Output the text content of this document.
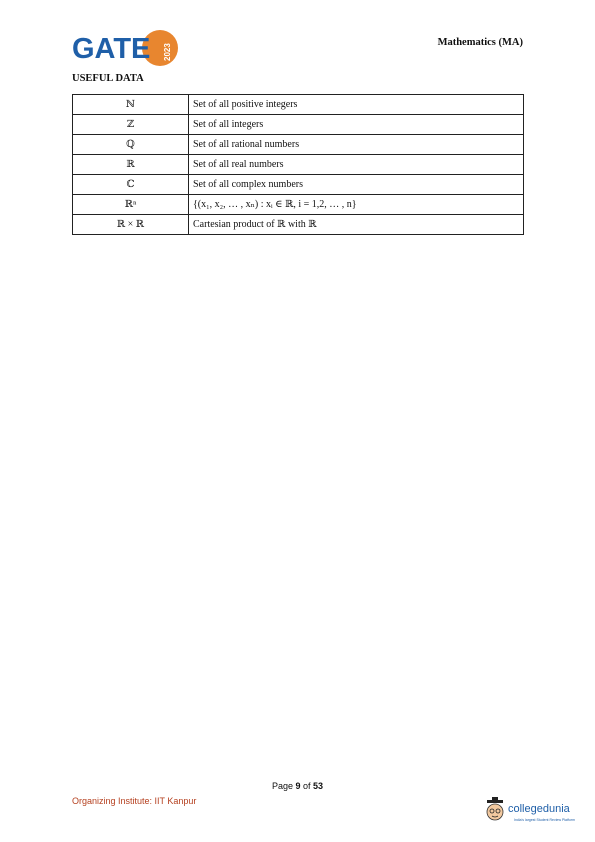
GATE 2023
Mathematics (MA)
USEFUL DATA
ℕ	Set of all positive integers
ℤ	Set of all integers
ℚ	Set of all rational numbers
ℝ	Set of all real numbers
ℂ	Set of all complex numbers
ℝⁿ	{(x₁, x₂, … , xₙ) : xᵢ ∈ ℝ, i = 1,2, … , n}
ℝ × ℝ	Cartesian product of ℝ with ℝ
Page 9 of 53
Organizing Institute: IIT Kanpur
collegedunia
India's largest Student Review Platform
